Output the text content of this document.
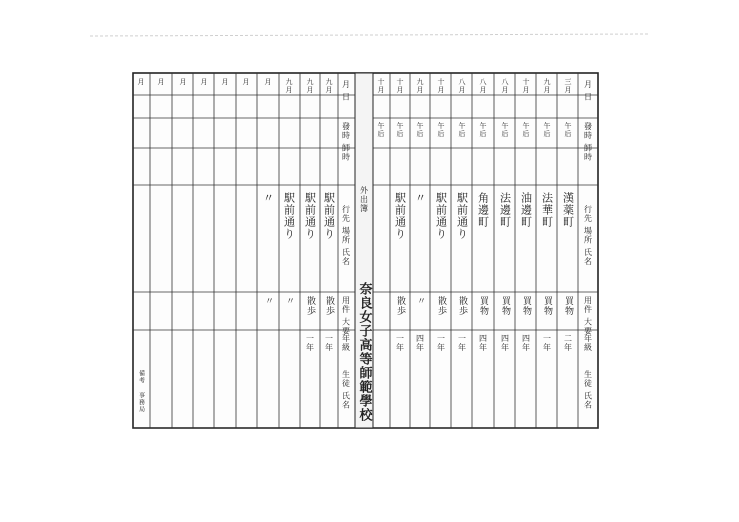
月 日
發時 師時
行先 場所 氏名
用件 大要
年級
生徒 氏名
月 日
發時 師時
行先 場所 氏名
用件 大要
年級
生徒 氏名
外出簿
奈良女子高等師範學校
三月
九月
十月
八月
八月
八月
十月
九月
十月
十月
午后
午后
午后
午后
午后
午后
午后
午后
午后
午后
漢薬町
法華町
油邊町
法邊町
角邊町
駅前通り
駅前通り
〃
駅前通り
買物
買物
買物
買物
買物
散歩
散歩
〃
散歩
二年
一年
四年
四年
四年
一年
一年
四年
一年
九月
九月
九月
月
月
月
月
月
月
月
駅前通り
駅前通り
駅前通り
〃
散歩
散歩
〃
〃
一年
一年
備考
事務局
